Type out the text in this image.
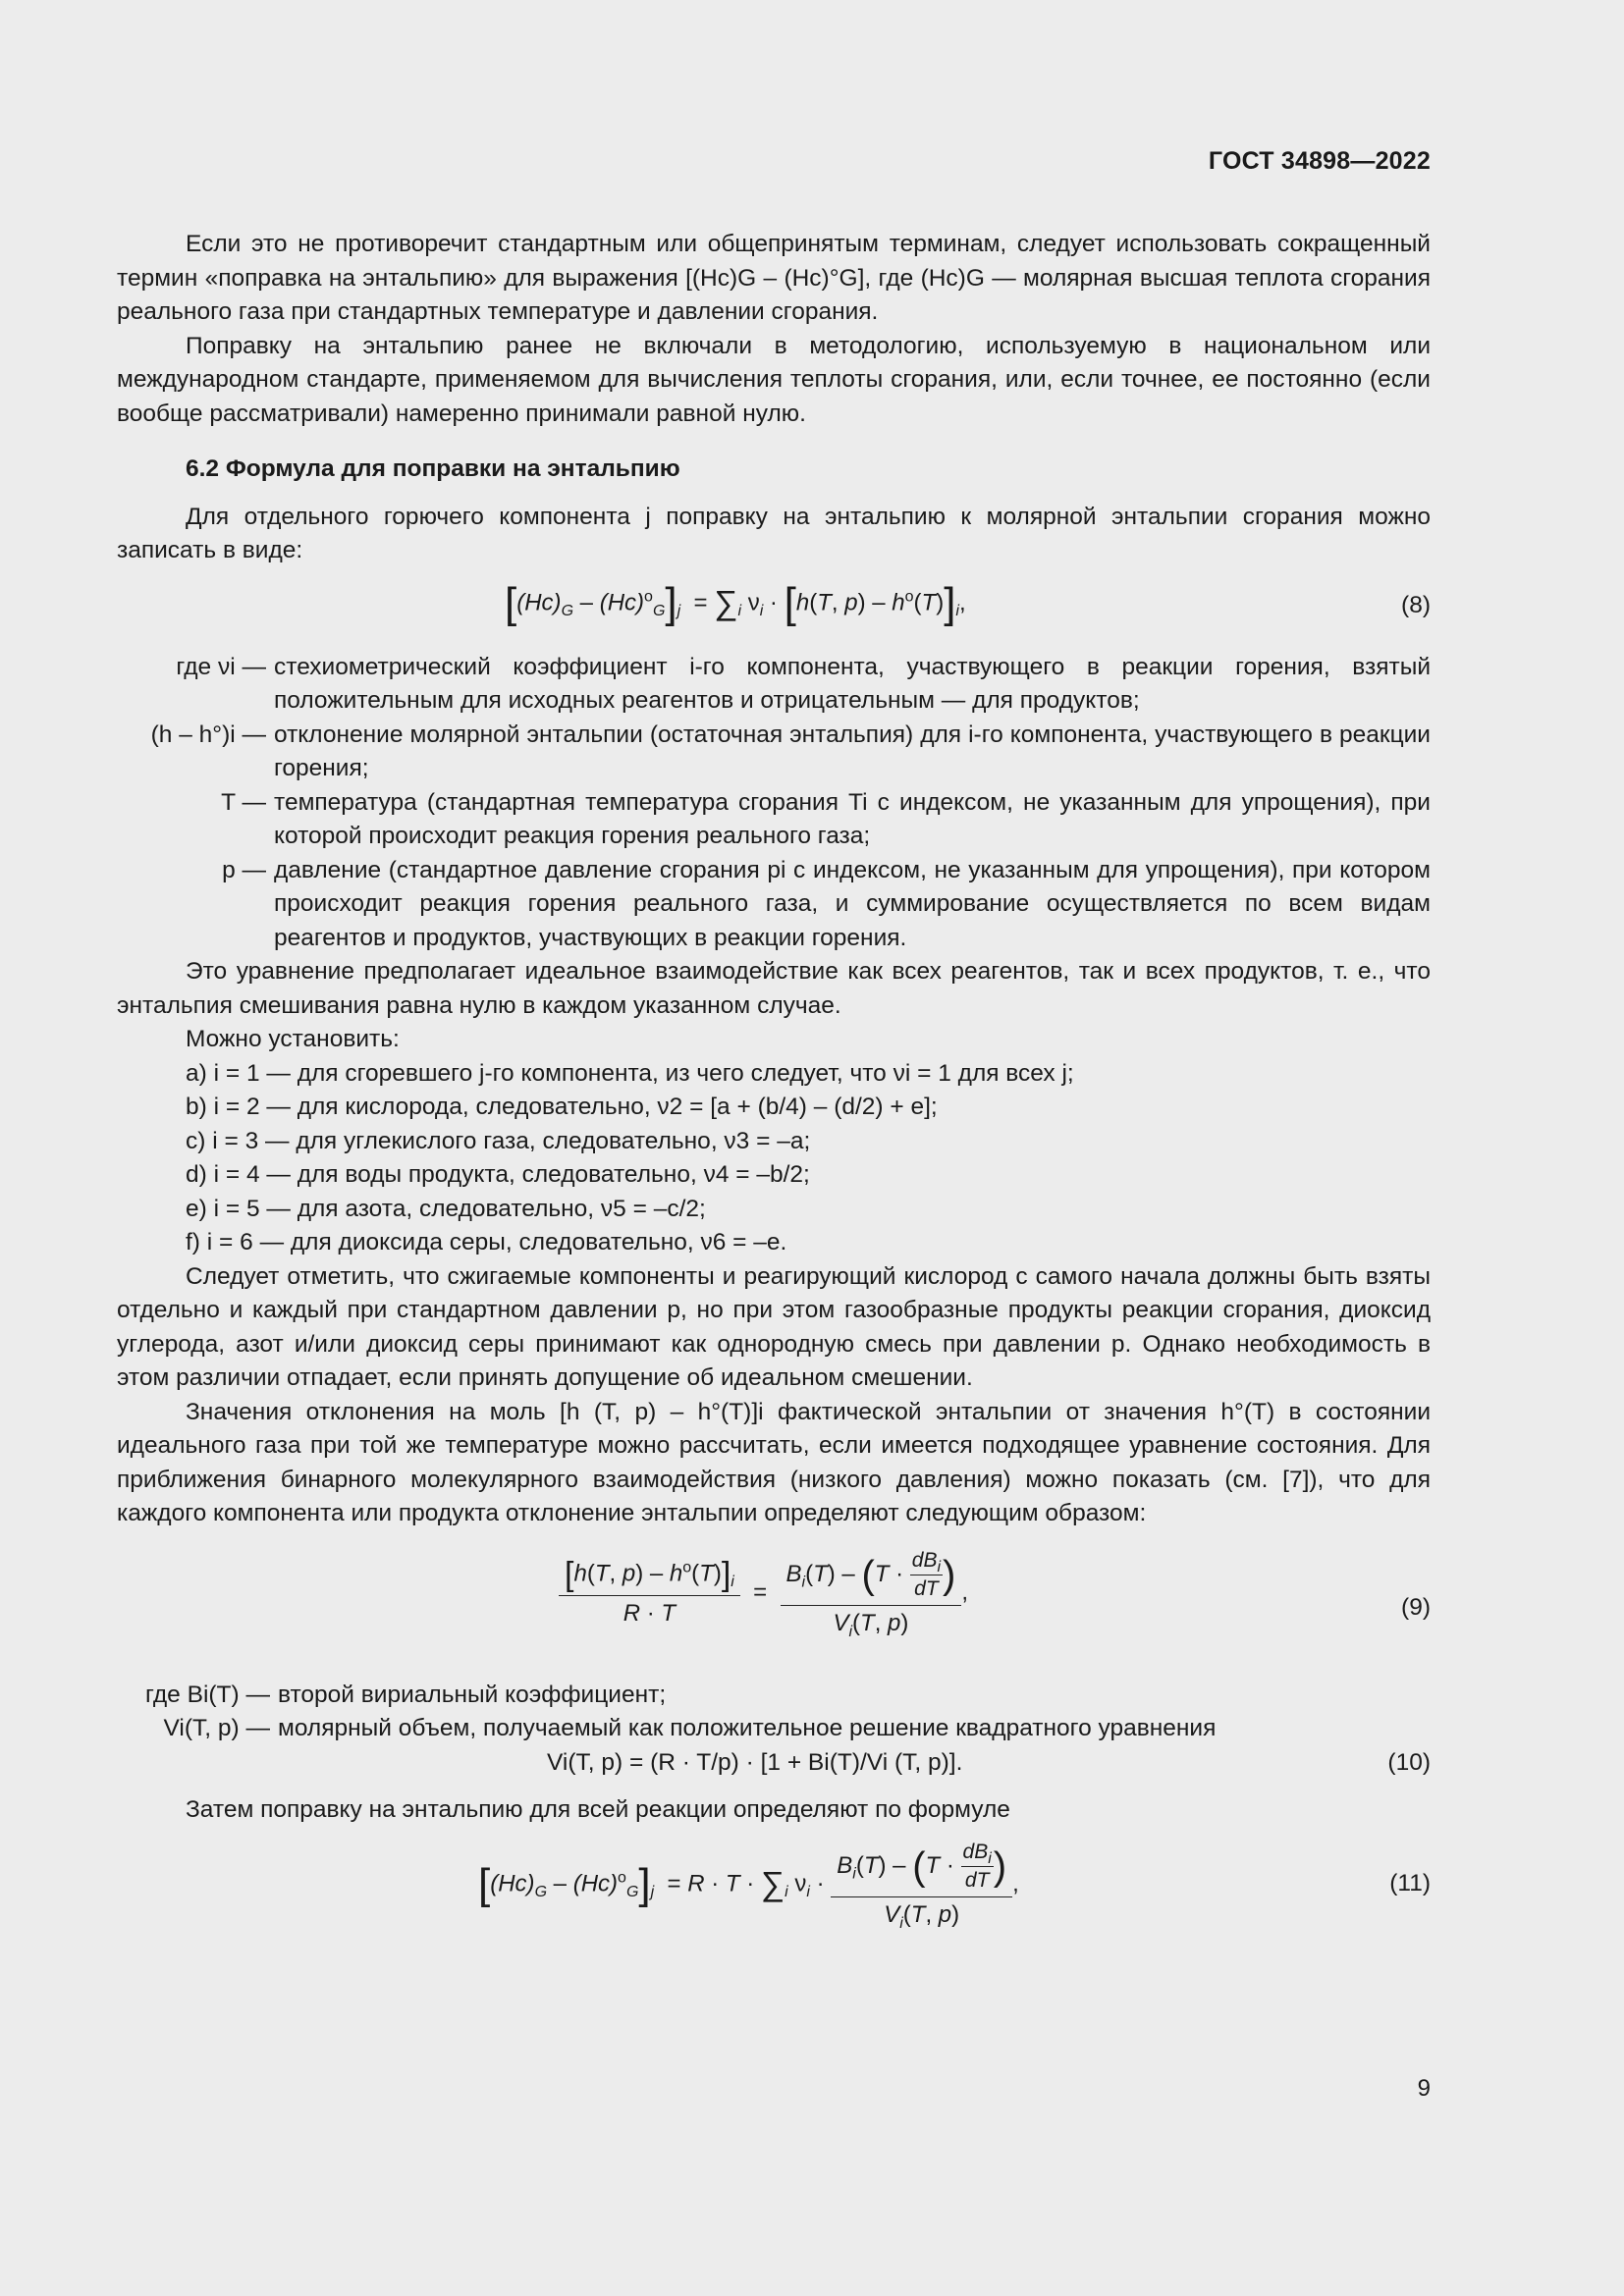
ГОСТ 34898—2022

Если это не противоречит стандартным или общепринятым терминам, следует использовать сокращенный термин «поправка на энтальпию» для выражения [(Hc)G – (Hc)°G], где (Hc)G — молярная высшая теплота сгорания реального газа при стандартных температуре и давлении сгорания.

Поправку на энтальпию ранее не включали в методологию, используемую в национальном или международном стандарте, применяемом для вычисления теплоты сгорания, или, если точнее, ее постоянно (если вообще рассматривали) намеренно принимали равной нулю.

6.2 Формула для поправки на энтальпию

Для отдельного горючего компонента j поправку на энтальпию к молярной энтальпии сгорания можно записать в виде:

$[(Hc)_G - (Hc)^o_G]_j = \sum_i$ $\nu_i \cdot [h(T$, $p) - h^o(T)]_i$,	(8)
где νi — стехиометрический коэффициент i-го компонента, участвующего в реакции горения, взятый положительным для исходных реагентов и отрицательным — для продуктов;
(h – h°)i — отклонение молярной энтальпии (остаточная энтальпия) для i-го компонента, участвующего в реакции горения;
T — температура (стандартная температура сгорания Ti с индексом, не указанным для упрощения), при которой происходит реакция горения реального газа;
p — давление (стандартное давление сгорания pi с индексом, не указанным для упрощения), при котором происходит реакция горения реального газа, и суммирование осуществляется по всем видам реагентов и продуктов, участвующих в реакции горения.

Это уравнение предполагает идеальное взаимодействие как всех реагентов, так и всех продуктов, т. е., что энтальпия смешивания равна нулю в каждом указанном случае.

Можно установить:

a) i = 1 — для сгоревшего j-го компонента, из чего следует, что νi = 1 для всех j;
b) i = 2 — для кислорода, следовательно, ν2 = [a + (b/4) – (d/2) + e];
c) i = 3 — для углекислого газа, следовательно, ν3 = –a;
d) i = 4 — для воды продукта, следовательно, ν4 = –b/2;
e) i = 5 — для азота, следовательно, ν5 = –c/2;
f) i = 6 — для диоксида серы, следовательно, ν6 = –e.

Следует отметить, что сжигаемые компоненты и реагирующий кислород с самого начала должны быть взяты отдельно и каждый при стандартном давлении p, но при этом газообразные продукты реакции сгорания, диоксид углерода, азот и/или диоксид серы принимают как однородную смесь при давлении p. Однако необходимость в этом различии отпадает, если принять допущение об идеальном смешении.

Значения отклонения на моль [h (T, p) – h°(T)]i фактической энтальпии от значения h°(T) в состоянии идеального газа при той же температуре можно рассчитать, если имеется подходящее уравнение состояния. Для приближения бинарного молекулярного взаимодействия (низкого давления) можно показать (см. [7]), что для каждого компонента или продукта отклонение энтальпии определяют следующим образом:

$\frac{[h(T, p) - h^o(T)]_i}{R \cdot T} = \frac{B_i(T) - (T \cdot \frac{dB_i}{dT} )}{V_i(T, p)}$ ,
(9)
где Bi(T) — второй вириальный коэффициент;
Vi(T, p) — молярный объем, получаемый как положительное решение квадратного уравнения
Vi(T, p) = (R · T/p) · [1 + Bi(T)/Vi (T, p)].	(10)

Затем поправку на энтальпию для всей реакции определяют по формуле

$[(Hc)_G - (Hc)^o_G]_j = R \cdot T \cdot \sum_i$ $\nu_i \cdot \frac{B_i(T) - (T \cdot \frac{dB_i}{dT} )}{V_i(T, p)}$ ,	(11)
9
